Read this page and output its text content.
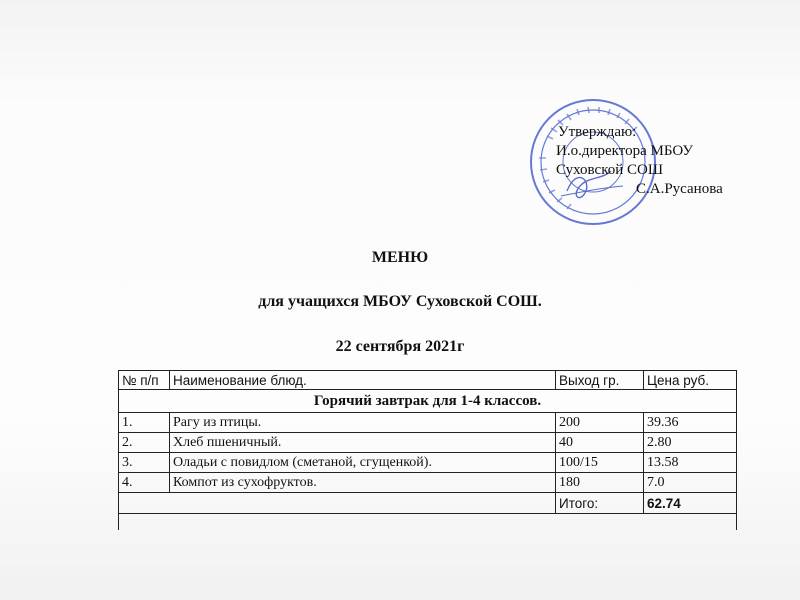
Утверждаю:
И.о.директора МБОУ
Суховской СОШ
С.А.Русанова
МЕНЮ
для учащихся МБОУ Суховской СОШ.
22 сентября 2021г
№ п/п	Наименование блюд.	Выход гр.	Цена руб.
Горячий завтрак для 1-4 классов.			
1.	Рагу из птицы.	200	39.36
2.	Хлеб пшеничный.	40	2.80
3.	Оладьи с повидлом (сметаной, сгущенкой).	100/15	13.58
4.	Компот из сухофруктов.	180	7.0
		Итого:	62.74
